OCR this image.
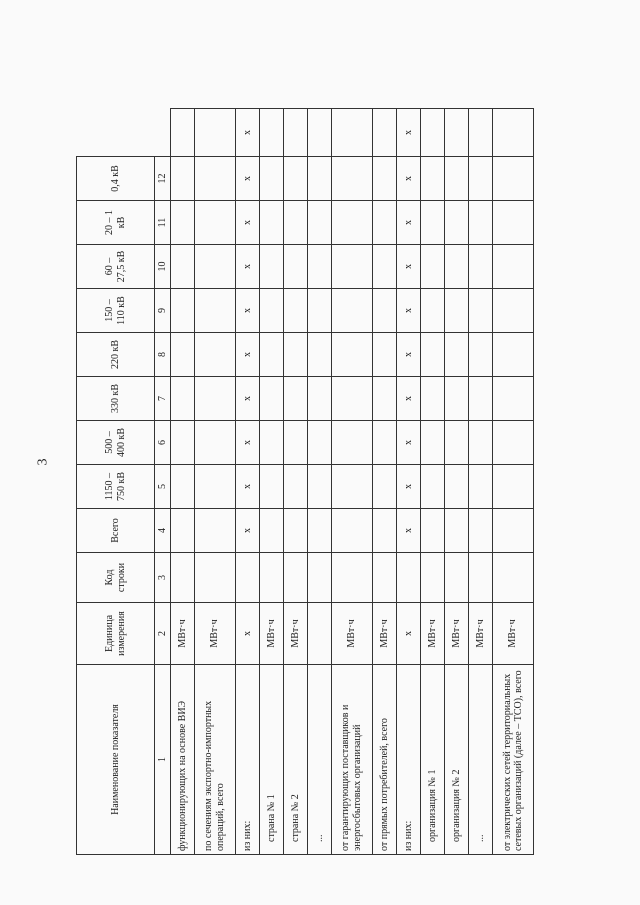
3
Наименование показателя	Единица измерения	Код строки	Всего	1150 – 750 кВ	500 – 400 кВ	330 кВ	220 кВ	150 – 110 кВ	60 – 27,5 кВ	20 – 1 кВ	0,4 кВ	
1	2	3	4	5	6	7	8	9	10	11	12	
функционирующих на основе ВИЭ	МВт·ч											
по сечениям экспортно-импортных операций, всего	МВт·ч											
из них:	х		х	х	х	х	х	х	х	х	х	х
страна № 1	МВт·ч											
страна № 2	МВт·ч											
...												
от гарантирующих поставщиков и энергосбытовых организаций	МВт·ч											
от прямых потребителей, всего	МВт·ч											
из них:	х		х	х	х	х	х	х	х	х	х	х
организация № 1	МВт·ч											
организация № 2	МВт·ч											
...	МВт·ч											
от электрических сетей территориальных сетевых организаций (далее – ТСО), всего	МВт·ч											
